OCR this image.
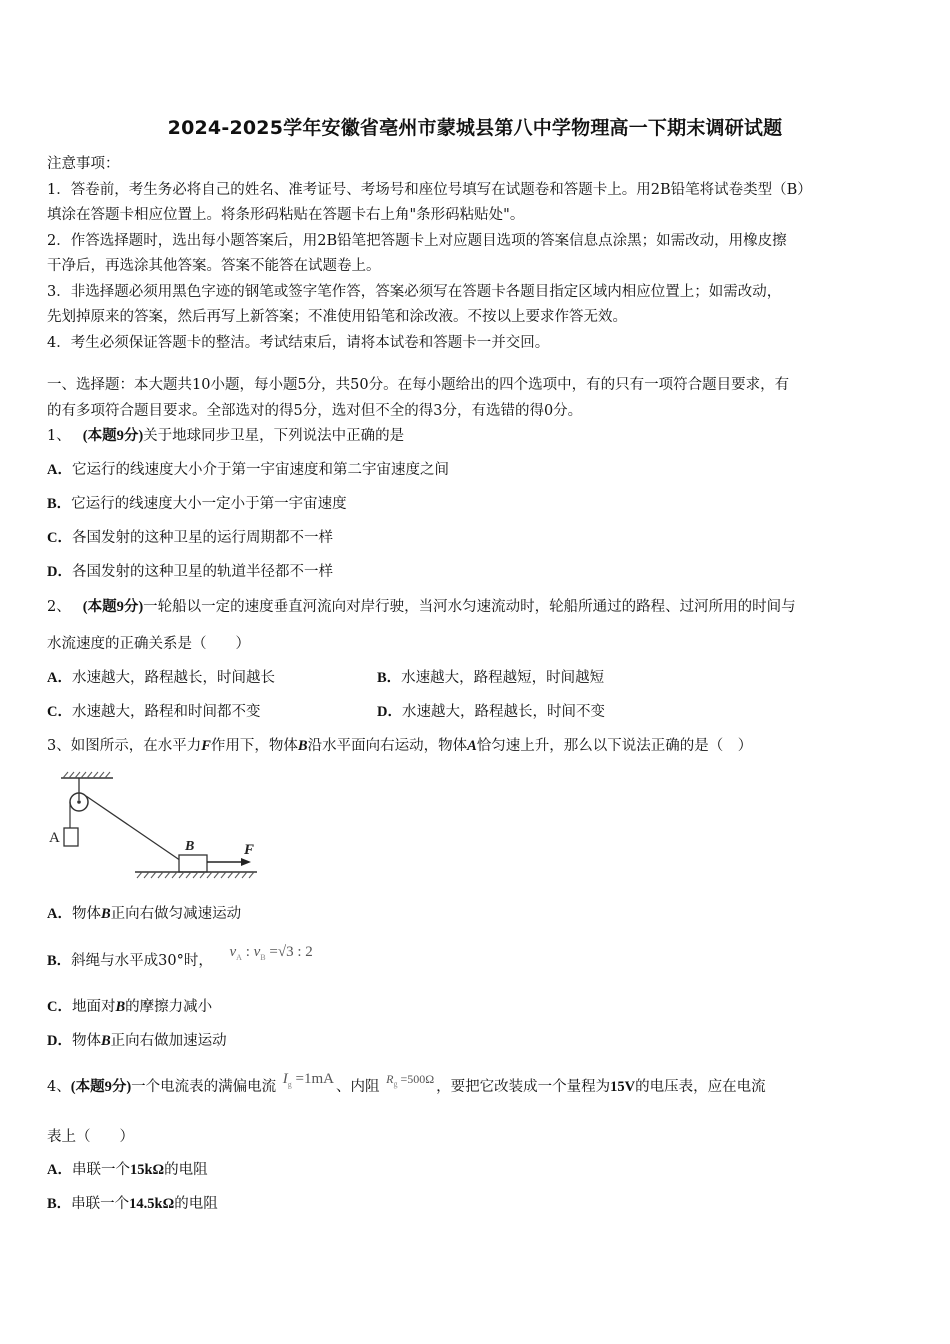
2024-2025学年安徽省亳州市蒙城县第八中学物理高一下期末调研试题
注意事项：
1．答卷前，考生务必将自己的姓名、准考证号、考场号和座位号填写在试题卷和答题卡上。用2B铅笔将试卷类型（B）
填涂在答题卡相应位置上。将条形码粘贴在答题卡右上角"条形码粘贴处"。
2．作答选择题时，选出每小题答案后，用2B铅笔把答题卡上对应题目选项的答案信息点涂黑；如需改动，用橡皮擦
干净后，再选涂其他答案。答案不能答在试题卷上。
3．非选择题必须用黑色字迹的钢笔或签字笔作答，答案必须写在答题卡各题目指定区域内相应位置上；如需改动，
先划掉原来的答案，然后再写上新答案；不准使用铅笔和涂改液。不按以上要求作答无效。
4．考生必须保证答题卡的整洁。考试结束后，请将本试卷和答题卡一并交回。
一、选择题：本大题共10小题，每小题5分，共50分。在每小题给出的四个选项中，有的只有一项符合题目要求，有
的有多项符合题目要求。全部选对的得5分，选对但不全的得3分，有选错的得0分。
1、 (本题9分)关于地球同步卫星，下列说法中正确的是
A．它运行的线速度大小介于第一宇宙速度和第二宇宙速度之间
B．它运行的线速度大小一定小于第一宇宙速度
C．各国发射的这种卫星的运行周期都不一样
D．各国发射的这种卫星的轨道半径都不一样
2、 (本题9分)一轮船以一定的速度垂直河流向对岸行驶，当河水匀速流动时，轮船所通过的路程、过河所用的时间与
水流速度的正确关系是（　　）
A．水速越大，路程越长，时间越长	B．水速越大，路程越短，时间越短
C．水速越大，路程和时间都不变	D．水速越大，路程越长，时间不变
3、如图所示，在水平力F作用下，物体B沿水平面向右运动，物体A恰匀速上升，那么以下说法正确的是（　）
A
B	F
A．物体B正向右做匀减速运动
B．斜绳与水平成30°时， $v_A$ : $v_B =√3$ : 2
C．地面对B的摩擦力减小
D．物体B正向右做加速运动
4、(本题9分)一个电流表的满偏电流 $I_g =1mA$ 、内阻 $R_g =500\Omega$ ，要把它改装成一个量程为15V的电压表，应在电流
表上（　　）
A．串联一个15kΩ的电阻
B．串联一个14.5kΩ的电阻
